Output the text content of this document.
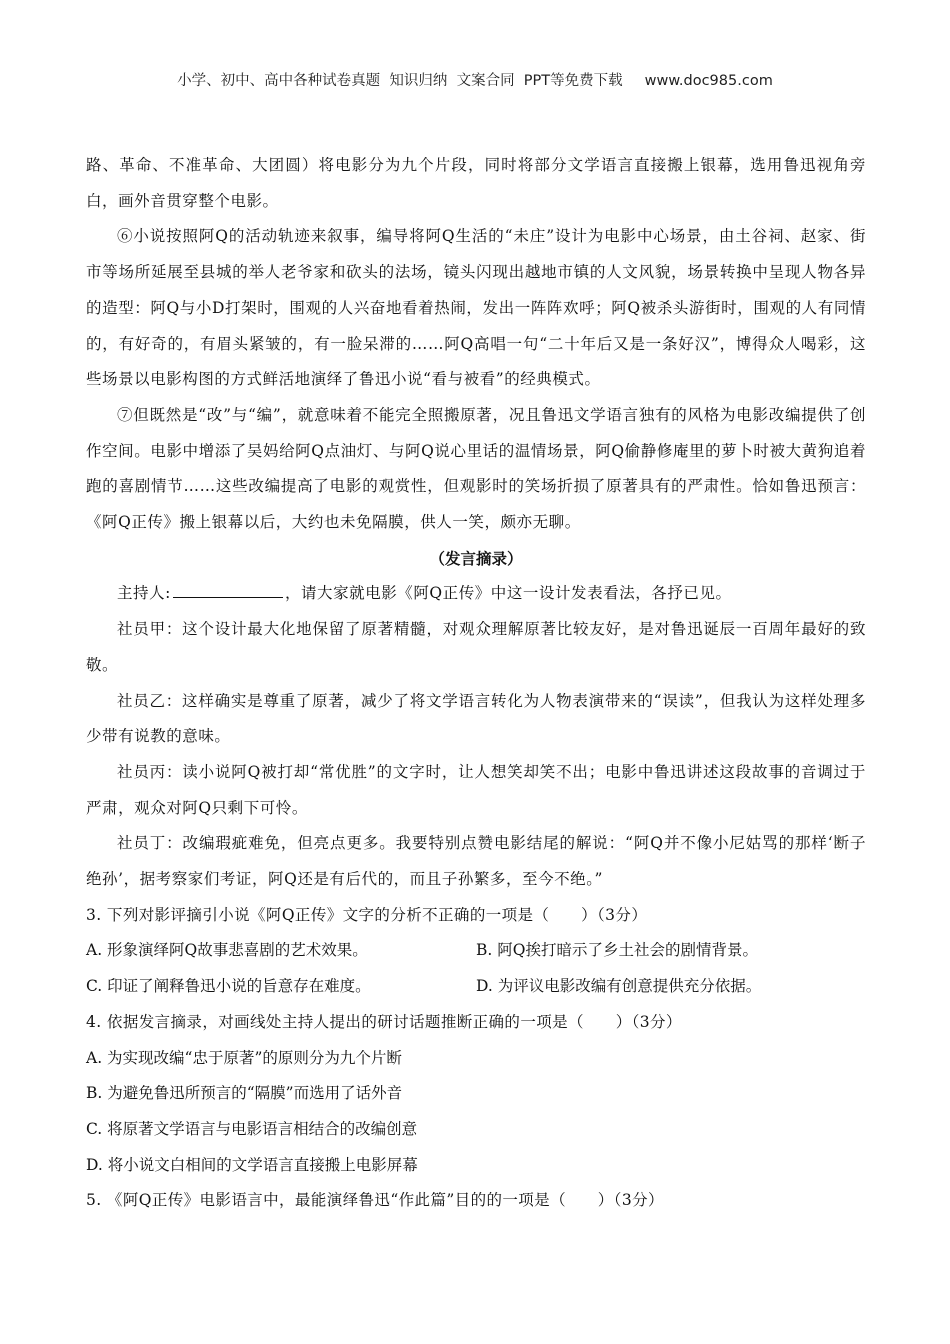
小学、初中、高中各种试卷真题  知识归纳  文案合同  PPT等免费下载 www.doc985.com

路、革命、不准革命、大团圆）将电影分为九个片段，同时将部分文学语言直接搬上银幕，选用鲁迅视角旁白，画外音贯穿整个电影。

⑥小说按照阿Q的活动轨迹来叙事，编导将阿Q生活的“未庄”设计为电影中心场景，由土谷祠、赵家、街市等场所延展至县城的举人老爷家和砍头的法场，镜头闪现出越地市镇的人文风貌，场景转换中呈现人物各异的造型：阿Q与小D打架时，围观的人兴奋地看着热闹，发出一阵阵欢呼；阿Q被杀头游街时，围观的人有同情的，有好奇的，有眉头紧皱的，有一脸呆滞的……阿Q高唱一句“二十年后又是一条好汉”，博得众人喝彩，这些场景以电影构图的方式鲜活地演绎了鲁迅小说“看与被看”的经典模式。

⑦但既然是“改”与“编”，就意味着不能完全照搬原著，况且鲁迅文学语言独有的风格为电影改编提供了创作空间。电影中增添了吴妈给阿Q点油灯、与阿Q说心里话的温情场景，阿Q偷静修庵里的萝卜时被大黄狗追着跑的喜剧情节……这些改编提高了电影的观赏性，但观影时的笑场折损了原著具有的严肃性。恰如鲁迅预言：《阿Q正传》搬上银幕以后，大约也未免隔膜，供人一笑，颇亦无聊。

（发言摘录）

主持人:	，请大家就电影《阿Q正传》中这一设计发表看法，各抒已见。

社员甲：这个设计最大化地保留了原著精髓，对观众理解原著比较友好，是对鲁迅诞辰一百周年最好的致敬。

社员乙：这样确实是尊重了原著，减少了将文学语言转化为人物表演带来的“误读”，但我认为这样处理多少带有说教的意味。

社员丙：读小说阿Q被打却“常优胜”的文字时，让人想笑却笑不出；电影中鲁迅讲述这段故事的音调过于严肃，观众对阿Q只剩下可怜。

社员丁：改编瑕疵难免，但亮点更多。我要特别点赞电影结尾的解说：“阿Q并不像小尼姑骂的那样‘断子绝孙’，据考察家们考证，阿Q还是有后代的，而且子孙繁多，至今不绝。”

3. 下列对影评摘引小说《阿Q正传》文字的分析不正确的一项是（　　）（3分）
A. 形象演绎阿Q故事悲喜剧的艺术效果。	B. 阿Q挨打暗示了乡土社会的剧情背景。
C. 印证了阐释鲁迅小说的旨意存在难度。	D. 为评议电影改编有创意提供充分依据。
4. 依据发言摘录，对画线处主持人提出的研讨话题推断正确的一项是（　　）（3分）
A. 为实现改编“忠于原著”的原则分为九个片断
B. 为避免鲁迅所预言的“隔膜”而选用了话外音
C. 将原著文学语言与电影语言相结合的改编创意
D. 将小说文白相间的文学语言直接搬上电影屏幕
5. 《阿Q正传》电影语言中，最能演绎鲁迅“作此篇”目的的一项是（　　）（3分）
